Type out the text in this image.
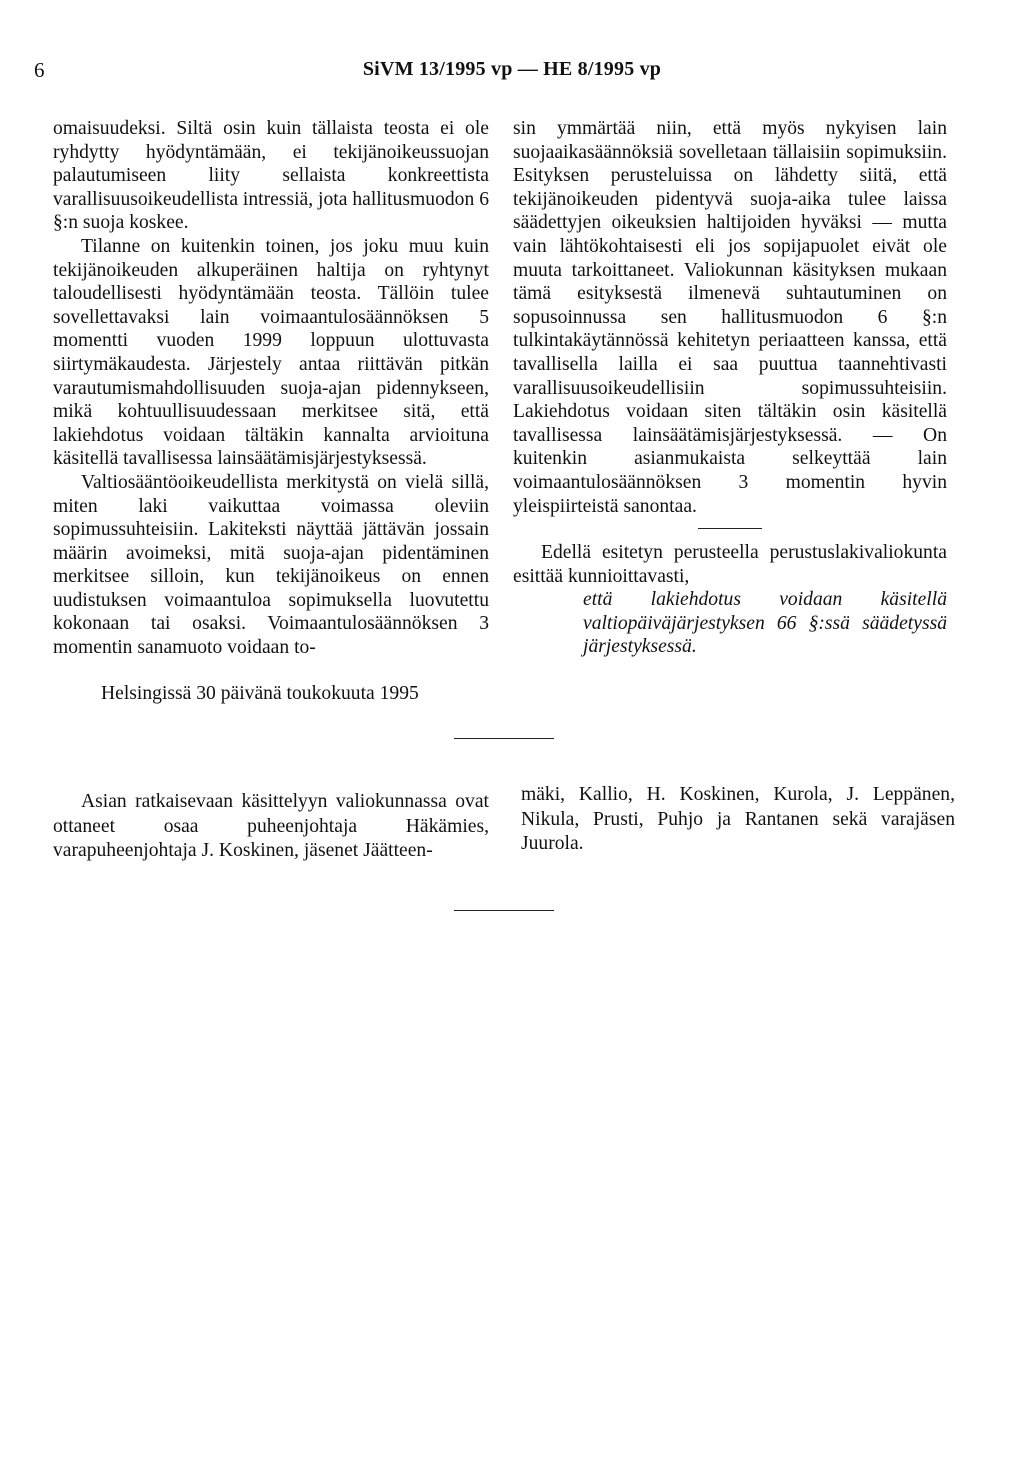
6	SiVM 13/1995 vp — HE 8/1995 vp

omaisuudeksi. Siltä osin kuin tällaista teosta ei ole ryhdytty hyödyntämään, ei tekijänoikeussuojan palautumiseen liity sellaista konkreettista varallisuusoikeudellista intressiä, jota hallitusmuodon 6 §:n suoja koskee.

Tilanne on kuitenkin toinen, jos joku muu kuin tekijänoikeuden alkuperäinen haltija on ryhtynyt taloudellisesti hyödyntämään teosta. Tällöin tulee sovellettavaksi lain voimaantulosäännöksen 5 momentti vuoden 1999 loppuun ulottuvasta siirtymäkaudesta. Järjestely antaa riittävän pitkän varautumismahdollisuuden suoja-ajan pidennykseen, mikä kohtuullisuudessaan merkitsee sitä, että lakiehdotus voidaan tältäkin kannalta arvioituna käsitellä tavallisessa lainsäätämisjärjestyksessä.

Valtiosääntöoikeudellista merkitystä on vielä sillä, miten laki vaikuttaa voimassa oleviin sopimussuhteisiin. Lakiteksti näyttää jättävän jossain määrin avoimeksi, mitä suoja-ajan pidentäminen merkitsee silloin, kun tekijänoikeus on ennen uudistuksen voimaantuloa sopimuksella luovutettu kokonaan tai osaksi. Voimaantulosäännöksen 3 momentin sanamuoto voidaan to-

sin ymmärtää niin, että myös nykyisen lain suojaaikasäännöksiä sovelletaan tällaisiin sopimuksiin. Esityksen perusteluissa on lähdetty siitä, että tekijänoikeuden pidentyvä suoja-aika tulee laissa säädettyjen oikeuksien haltijoiden hyväksi — mutta vain lähtökohtaisesti eli jos sopijapuolet eivät ole muuta tarkoittaneet. Valiokunnan käsityksen mukaan tämä esityksestä ilmenevä suhtautuminen on sopusoinnussa sen hallitusmuodon 6 §:n tulkintakäytännössä kehitetyn periaatteen kanssa, että tavallisella lailla ei saa puuttua taannehtivasti varallisuusoikeudellisiin sopimussuhteisiin. Lakiehdotus voidaan siten tältäkin osin käsitellä tavallisessa lainsäätämisjärjestyksessä. — On kuitenkin asianmukaista selkeyttää lain voimaantulosäännöksen 3 momentin hyvin yleispiirteistä sanontaa.

Edellä esitetyn perusteella perustuslakivaliokunta esittää kunnioittavasti,

että lakiehdotus voidaan käsitellä valtiopäiväjärjestyksen 66 §:ssä säädetyssä järjestyksessä.

Helsingissä 30 päivänä toukokuuta 1995

Asian ratkaisevaan käsittelyyn valiokunnassa ovat ottaneet osaa puheenjohtaja Häkämies, varapuheenjohtaja J. Koskinen, jäsenet Jäätteen-

mäki, Kallio, H. Koskinen, Kurola, J. Leppänen, Nikula, Prusti, Puhjo ja Rantanen sekä varajäsen Juurola.
